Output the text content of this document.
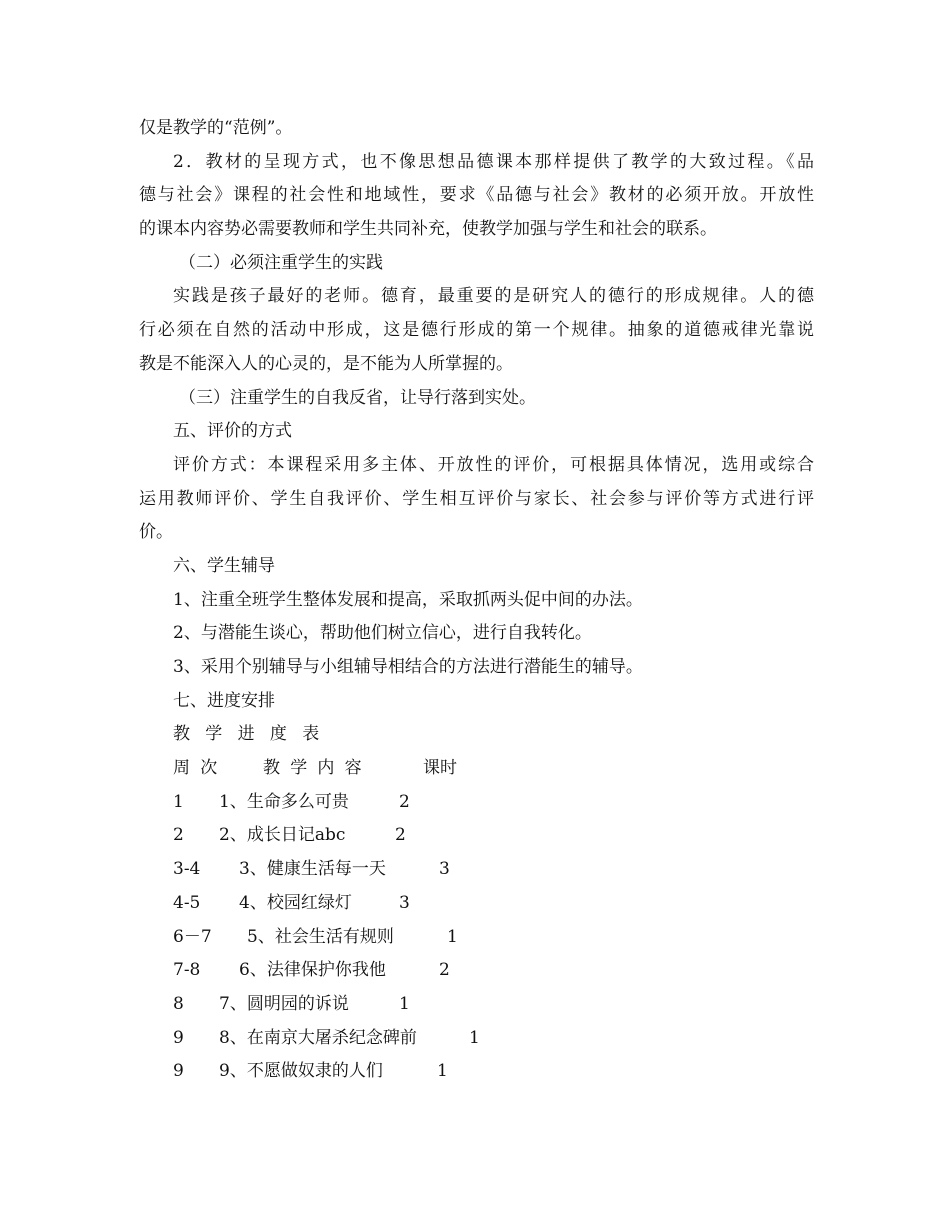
仅是教学的“范例”。
2．教材的呈现方式，也不像思想品德课本那样提供了教学的大致过程。《品
德与社会》课程的社会性和地域性，要求《品德与社会》教材的必须开放。开放性
的课本内容势必需要教师和学生共同补充，使教学加强与学生和社会的联系。
（二）必须注重学生的实践
实践是孩子最好的老师。德育，最重要的是研究人的德行的形成规律。人的德
行必须在自然的活动中形成，这是德行形成的第一个规律。抽象的道德戒律光靠说
教是不能深入人的心灵的，是不能为人所掌握的。
（三）注重学生的自我反省，让导行落到实处。
五、评价的方式
评价方式：本课程采用多主体、开放性的评价，可根据具体情况，选用或综合
运用教师评价、学生自我评价、学生相互评价与家长、社会参与评价等方式进行评
价。
六、学生辅导
1、注重全班学生整体发展和提高，采取抓两头促中间的办法。
2、与潜能生谈心，帮助他们树立信心，进行自我转化。
3、采用个别辅导与小组辅导相结合的方法进行潜能生的辅导。
七、进度安排
教学进度表
周次 教学内容	课时
1 1、生命多么可贵	2
2 2、成长日记abc	2
3-4 3、健康生活每一天	3
4-5 4、校园红绿灯	3
6－7 5、社会生活有规则	1
7-8 6、法律保护你我他	2
8 7、圆明园的诉说	1
9 8、在南京大屠杀纪念碑前	1
9 9、不愿做奴隶的人们	1
